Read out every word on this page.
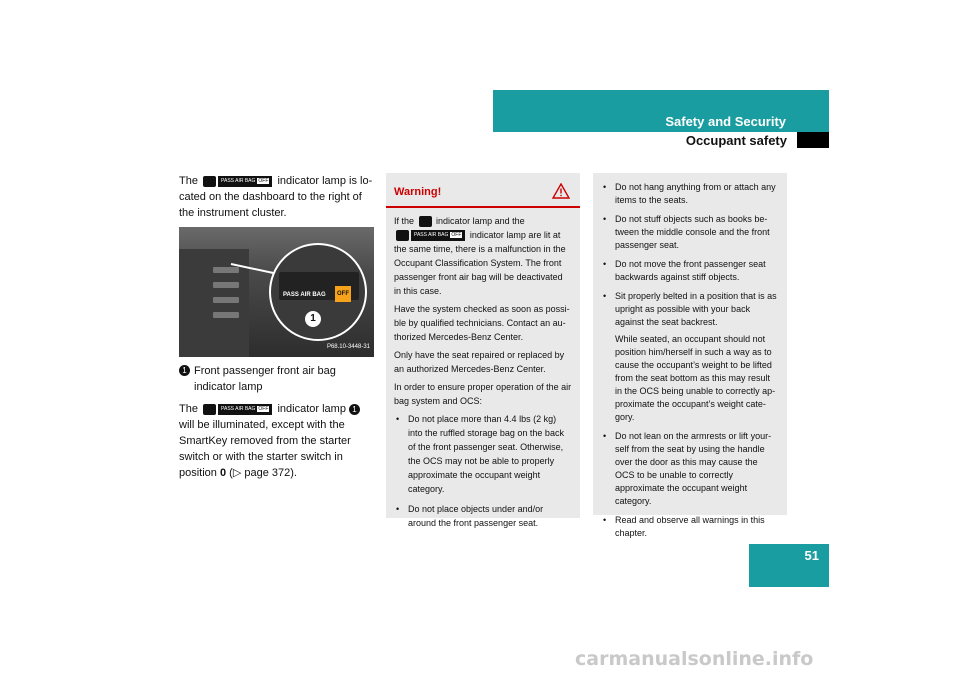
Safety and Security
Occupant safety

The	PASS AIR BAG OFF indicator lamp is lo-cated on the dashboard to the right of the instrument cluster.

PASS AIR BAG	OFF
1
P68.10-3448-31
1 Front passenger front air bag indicator lamp

The	PASS AIR BAG OFF indicator lamp 1 will be illuminated, except with the SmartKey removed from the starter switch or with the starter switch in position 0 (▷ page 372).

Warning!

If the indicator lamp and the PASS AIR BAG OFF indicator lamp are lit at the same time, there is a malfunction in the Occupant Classification System. The front passenger front air bag will be deactivated in this case.

Have the system checked as soon as possi-ble by qualified technicians. Contact an au-thorized Mercedes-Benz Center.

Only have the seat repaired or replaced by an authorized Mercedes-Benz Center.

In order to ensure proper operation of the air bag system and OCS:

• Do not place more than 4.4 lbs (2 kg) into the ruffled storage bag on the back of the front passenger seat. Otherwise, the OCS may not be able to properly approximate the occupant weight category.
• Do not place objects under and/or around the front passenger seat.
• Do not hang anything from or attach any items to the seats.
• Do not stuff objects such as books be-tween the middle console and the front passenger seat.
• Do not move the front passenger seat backwards against stiff objects.
• Sit properly belted in a position that is as upright as possible with your back against the seat backrest.
While seated, an occupant should not position him/herself in such a way as to cause the occupant’s weight to be lifted from the seat bottom as this may result in the OCS being unable to correctly ap-proximate the occupant’s weight cate-gory.
• Do not lean on the armrests or lift your-self from the seat by using the handle over the door as this may cause the OCS to be unable to correctly approximate the occupant weight category.
• Read and observe all warnings in this chapter.
51
carmanualsonline.info
